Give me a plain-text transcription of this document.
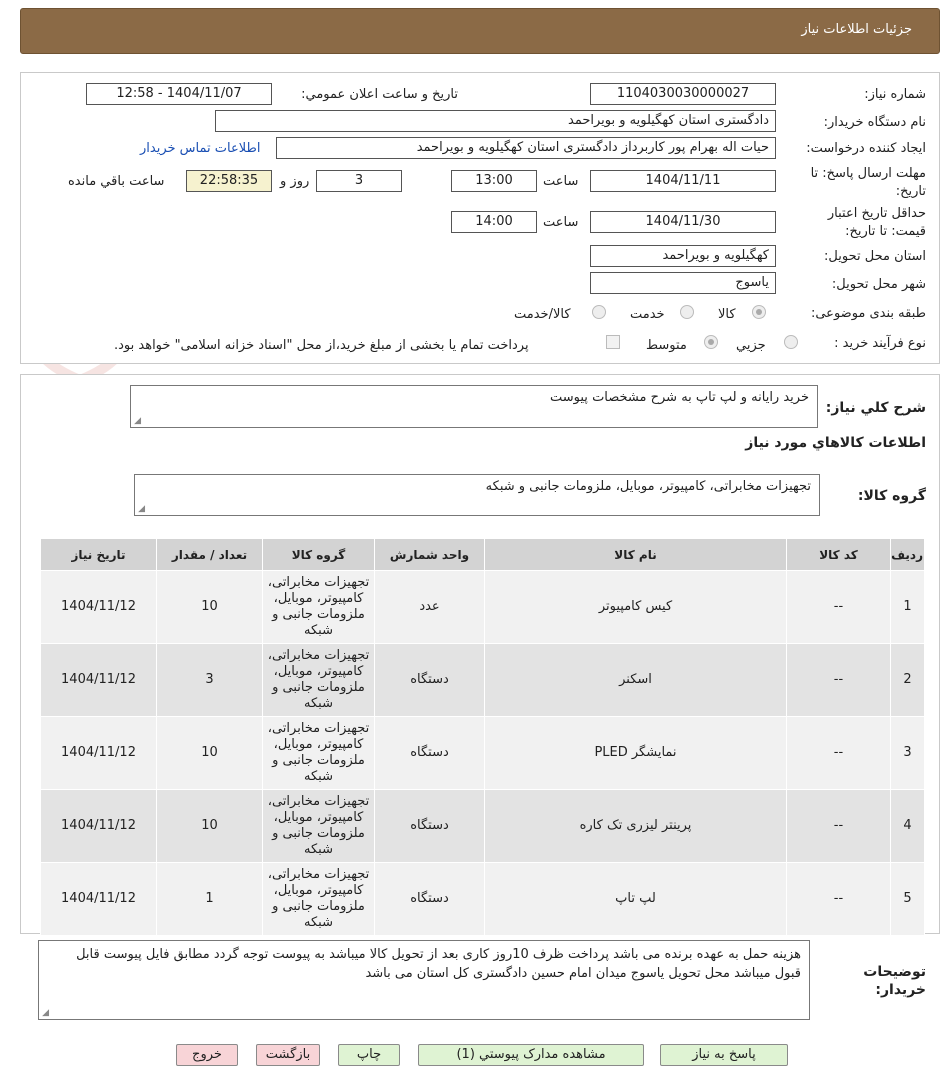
جزئیات اطلاعات نیاز
شماره نیاز:
1104030030000027
تاریخ و ساعت اعلان عمومي:
1404/11/07 - 12:58
نام دستگاه خريدار:
دادگستری استان کهگیلویه و بویراحمد
ایجاد کننده درخواست:
حیات اله بهرام پور کاربرداز دادگستری استان کهگیلویه و بویراحمد
اطلاعات تماس خريدار
مهلت ارسال پاسخ: تا
تاریخ:
1404/11/11
ساعت
13:00
3
روز و
22:58:35
ساعت باقي مانده
حداقل تاريخ اعتبار
قيمت: تا تاريخ:
1404/11/30
ساعت
14:00
استان محل تحويل:
کهگیلویه و بویراحمد
شهر محل تحويل:
یاسوج
طبقه بندی موضوعی:
کالا
خدمت
کالا/خدمت
نوع فرآيند خريد :
جزيي
متوسط
پرداخت تمام يا بخشی از مبلغ خريد،از محل "اسناد خزانه اسلامی" خواهد بود.
شرح کلي نياز:
خرید رایانه و لپ تاپ به شرح مشخصات پیوست
◢
اطلاعات کالاهاي مورد نياز
گروه کالا:
تجهیزات مخابراتی، کامپیوتر، موبایل، ملزومات جانبی و شبکه
◢
رديف	کد کالا	نام کالا	واحد شمارش	گروه کالا	تعداد / مقدار	تاريخ نياز
1	--	کیس کامپیوتر	عدد	تجهیزات مخابراتی، کامپیوتر، موبایل، ملزومات جانبی و شبکه	10	1404/11/12
2	--	اسکنر	دستگاه	تجهیزات مخابراتی، کامپیوتر، موبایل، ملزومات جانبی و شبکه	3	1404/11/12
3	--	نمایشگر PLED	دستگاه	تجهیزات مخابراتی، کامپیوتر، موبایل، ملزومات جانبی و شبکه	10	1404/11/12
4	--	پرینتر لیزری تک کاره	دستگاه	تجهیزات مخابراتی، کامپیوتر، موبایل، ملزومات جانبی و شبکه	10	1404/11/12
5	--	لپ تاپ	دستگاه	تجهیزات مخابراتی، کامپیوتر، موبایل، ملزومات جانبی و شبکه	1	1404/11/12
توضيحات
خريدار:
هزینه حمل به عهده برنده می باشد پرداخت ظرف 10روز کاری بعد از تحویل کالا میباشد به پیوست توجه گردد مطابق فایل پیوست قابل قبول میباشد محل تحویل یاسوج میدان امام حسین دادگستری کل استان می باشد
◢
پاسخ به نياز
مشاهده مدارک پيوستي (1)
چاپ
بازگشت
خروج
